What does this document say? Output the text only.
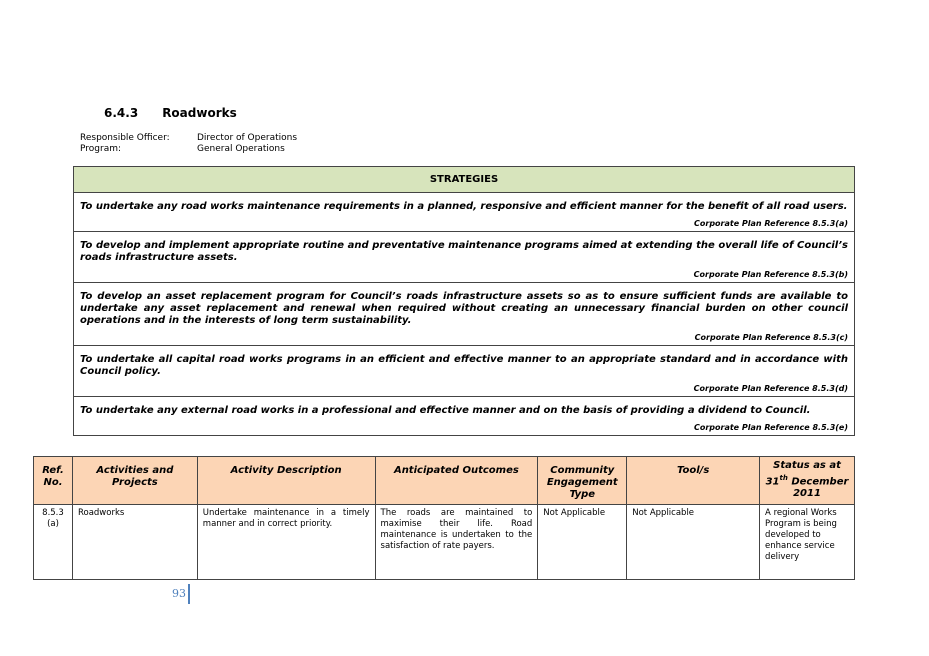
6.4.3 Roadworks
Responsible Officer:	Director of Operations
Program:	General Operations
STRATEGIES
To undertake any road works maintenance requirements in a planned, responsive and efficient manner for the benefit of all road users.
Corporate Plan Reference 8.5.3(a)
To develop and implement appropriate routine and preventative maintenance programs aimed at extending the overall life of Council’s roads infrastructure assets.
Corporate Plan Reference 8.5.3(b)
To develop an asset replacement program for Council’s roads infrastructure assets so as to ensure sufficient funds are available to undertake any asset replacement and renewal when required without creating an unnecessary financial burden on other council operations and in the interests of long term sustainability.
Corporate Plan Reference 8.5.3(c)
To undertake all capital road works programs in an efficient and effective manner to an appropriate standard and in accordance with Council policy.
Corporate Plan Reference 8.5.3(d)
To undertake any external road works in a professional and effective manner and on the basis of providing a dividend to Council.
Corporate Plan Reference 8.5.3(e)
Ref. No.	Activities and Projects	Activity Description	Anticipated Outcomes	Community Engagement Type	Tool/s	Status as at 31th December 2011
8.5.3 (a)	Roadworks	Undertake maintenance in a timely manner and in correct priority.	The roads are maintained to maximise their life. Road maintenance is undertaken to the satisfaction of rate payers.	Not Applicable	Not Applicable	A regional Works Program is being developed to enhance service delivery
93
